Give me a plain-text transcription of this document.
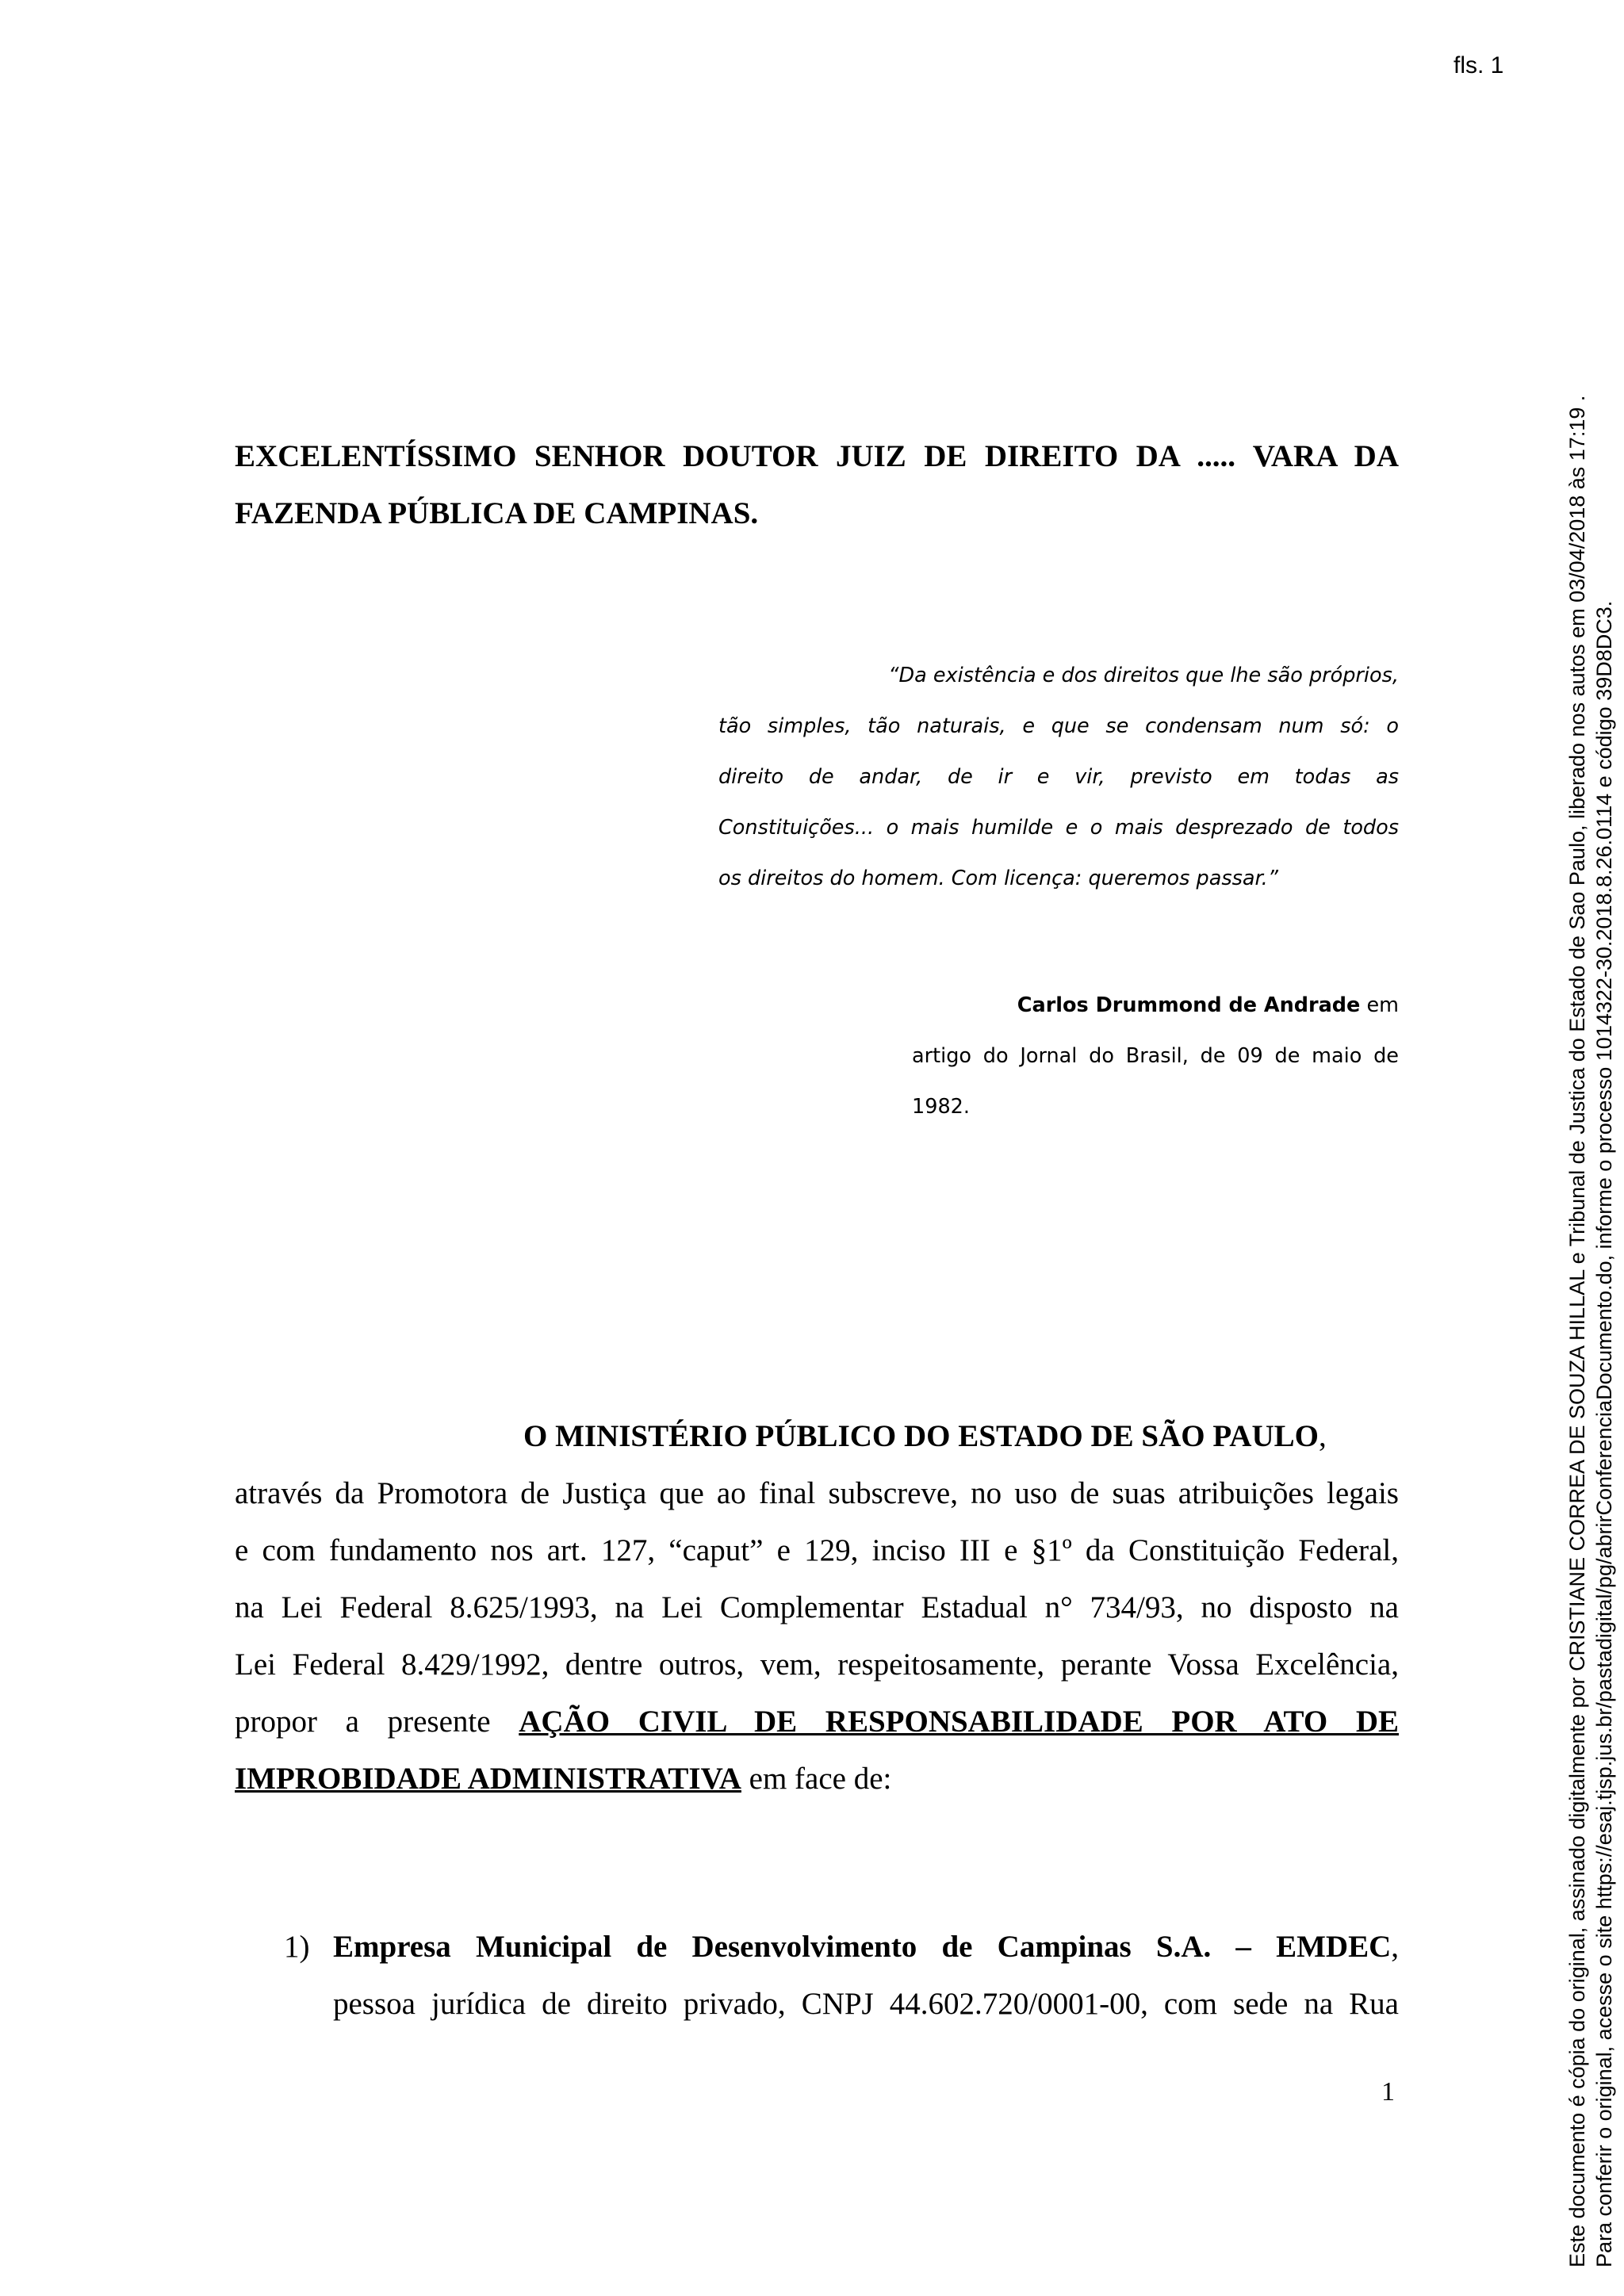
fls. 1
EXCELENTÍSSIMO SENHOR DOUTOR JUIZ DE DIREITO DA ..... VARA DA
FAZENDA PÚBLICA DE CAMPINAS.
“Da existência e dos direitos que lhe são próprios,
tão simples, tão naturais, e que se condensam num só: o
direito de andar, de ir e vir, previsto em todas as
Constituições... o mais humilde e o mais desprezado de todos
os direitos do homem. Com licença: queremos passar.”
Carlos Drummond de Andrade em
artigo do Jornal do Brasil, de 09 de maio de
1982.
O MINISTÉRIO PÚBLICO DO ESTADO DE SÃO PAULO,
através da Promotora de Justiça que ao final subscreve, no uso de suas atribuições legais
e com fundamento nos art. 127, “caput” e 129, inciso III e §1º da Constituição Federal,
na Lei Federal 8.625/1993, na Lei Complementar Estadual n° 734/93, no disposto na
Lei Federal 8.429/1992, dentre outros, vem, respeitosamente, perante Vossa Excelência,
propor a presente AÇÃO CIVIL DE RESPONSABILIDADE POR ATO DE
IMPROBIDADE ADMINISTRATIVA em face de:
1) Empresa Municipal de Desenvolvimento de Campinas S.A. – EMDEC,
pessoa jurídica de direito privado, CNPJ 44.602.720/0001-00, com sede na Rua
1	Este documento é cópia do original, assinado digitalmente por CRISTIANE CORREA DE SOUZA HILLAL e Tribunal de Justica do Estado de Sao Paulo, liberado nos autos em 03/04/2018 às 17:19 . Para conferir o original, acesse o site https://esaj.tjsp.jus.br/pastadigital/pg/abrirConferenciaDocumento.do, informe o processo 1014322-30.2018.8.26.0114 e código 39D8DC3.
